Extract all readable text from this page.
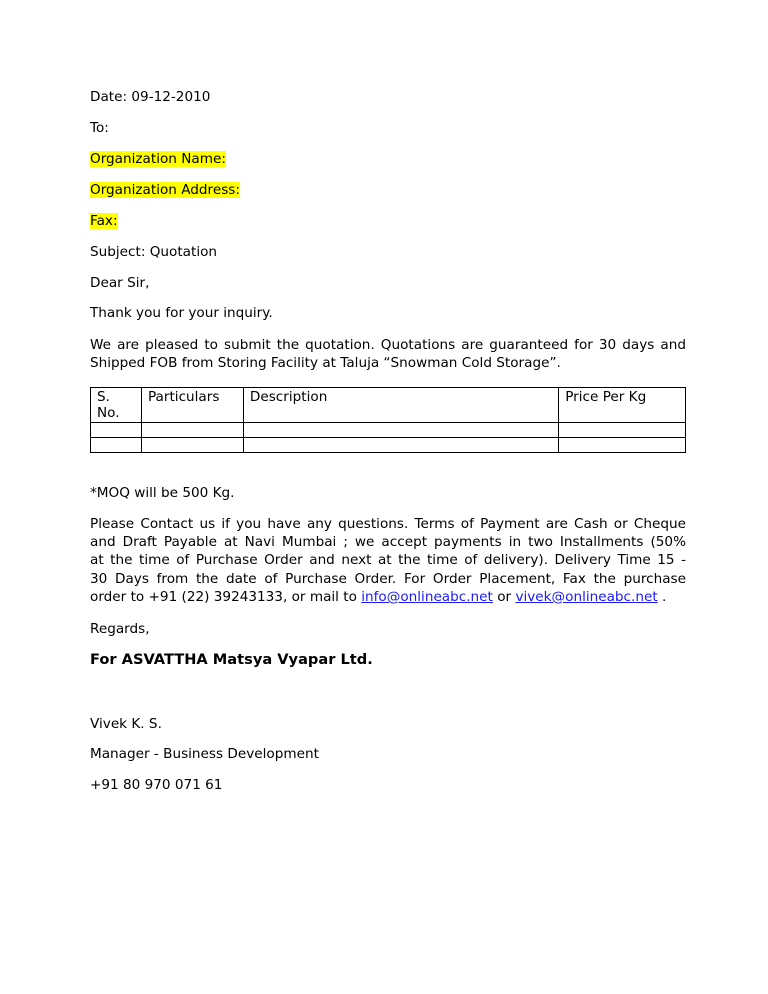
Date: 09-12-2010
To:
Organization Name:
Organization Address:
Fax:
Subject: Quotation
Dear Sir,
Thank you for your inquiry.
We are pleased to submit the quotation. Quotations are guaranteed for 30 days and
Shipped FOB from Storing Facility at Taluja “Snowman Cold Storage”.
S. No.	Particulars	Description	Price Per Kg

*MOQ will be 500 Kg.
Please Contact us if you have any questions. Terms of Payment are Cash or Cheque
and Draft Payable at Navi Mumbai ; we accept payments in two Installments (50%
at the time of Purchase Order and next at the time of delivery). Delivery Time 15 -
30 Days from the date of Purchase Order. For Order Placement, Fax the purchase
order to +91 (22) 39243133, or mail to info@onlineabc.net or vivek@onlineabc.net .
Regards,
For ASVATTHA Matsya Vyapar Ltd.
Vivek K. S.
Manager - Business Development
+91 80 970 071 61
